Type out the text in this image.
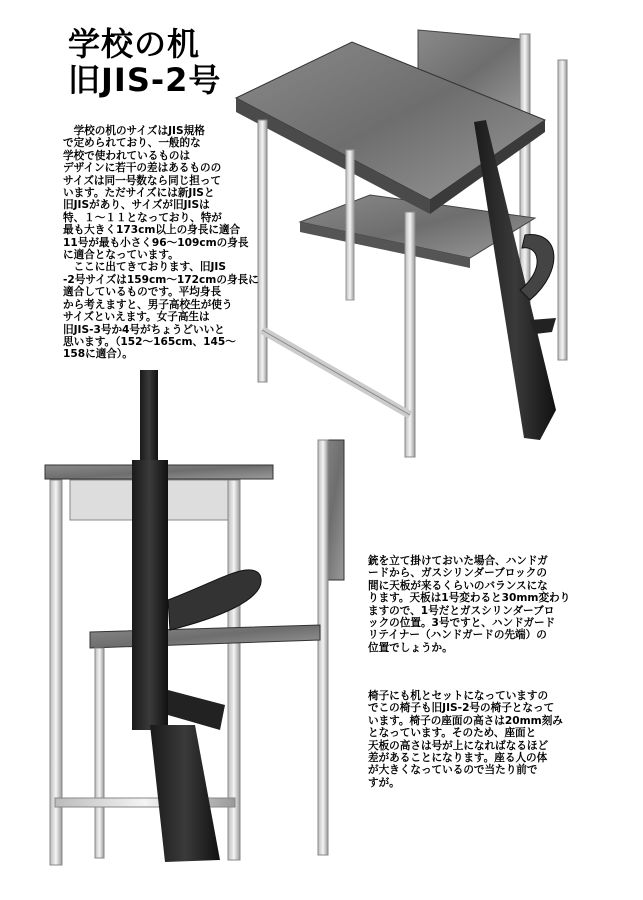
学校の机
旧JIS-2号

　学校の机のサイズはJIS規格
で定められており、一般的な
学校で使われているものは
デザインに若干の差はあるものの
サイズは同一号数なら同じ担って
います。ただサイズには新JISと
旧JISがあり、サイズが旧JISは
特、１～１１となっており、特が
最も大きく173cm以上の身長に適合
11号が最も小さく96～109cmの身長
に適合となっています。
　ここに出てきております、旧JIS
-2号サイズは159cm～172cmの身長に
適合しているものです。平均身長
から考えますと、男子高校生が使う
サイズといえます。女子高生は
旧JIS-3号か4号がちょうどいいと
思います。（152～165cm、145～
158に適合）。

銃を立て掛けておいた場合、ハンドガ
ードから、ガスシリンダーブロックの
間に天板が来るくらいのバランスにな
ります。天板は1号変わると30mm変わり
ますので、1号だとガスシリンダーブロ
ックの位置。3号ですと、ハンドガード
リテイナー（ハンドガードの先端）の
位置でしょうか。

椅子にも机とセットになっていますの
でこの椅子も旧JIS-2号の椅子となって
います。椅子の座面の高さは20mm刻み
となっています。そのため、座面と
天板の高さは号が上になればなるほど
差があることになります。座る人の体
が大きくなっているので当たり前で
すが。
